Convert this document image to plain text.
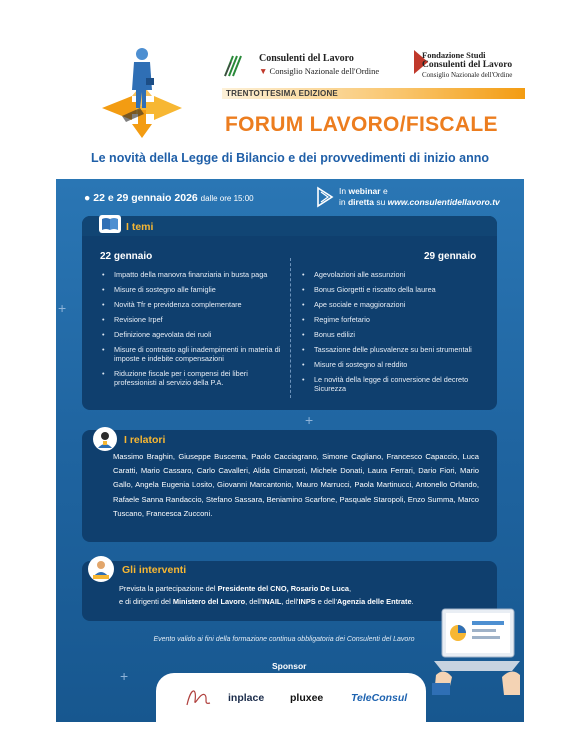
Consulenti del Lavoro
▼ Consiglio Nazionale dell'Ordine
Fondazione Studi
Consulenti del Lavoro
Consiglio Nazionale dell'Ordine
TRENTOTTESIMA EDIZIONE
FORUM LAVORO/FISCALE
Le novità della Legge di Bilancio e dei provvedimenti di inizio anno
+
+
+
● 22 e 29 gennaio 2026 dalle ore 15:00
In webinar e
in diretta su www.consulentidellavoro.tv
I temi
22 gennaio	29 gennaio
• Impatto della manovra finanziaria in busta paga
• Misure di sostegno alle famiglie
• Novità Tfr e previdenza complementare
• Revisione Irpef
• Definizione agevolata dei ruoli
• Misure di contrasto agli inadempimenti in materia di imposte e indebite compensazioni
• Riduzione fiscale per i compensi dei liberi professionisti al servizio della P.A.
• Agevolazioni alle assunzioni
• Bonus Giorgetti e riscatto della laurea
• Ape sociale e maggiorazioni
• Regime forfetario
• Bonus edilizi
• Tassazione delle plusvalenze su beni strumentali
• Misure di sostegno al reddito
• Le novità della legge di conversione del decreto Sicurezza
I relatori
Massimo Braghin, Giuseppe Buscema, Paolo Cacciagrano, Simone Cagliano, Francesco Capaccio, Luca Caratti, Mario Cassaro, Carlo Cavalleri, Alida Cimarosti, Michele Donati, Laura Ferrari, Dario Fiori, Mario Gallo, Angela Eugenia Losito, Giovanni Marcantonio, Mauro Marrucci, Paola Martinucci, Antonello Orlando, Rafaele Sanna Randaccio, Stefano Sassara, Beniamino Scarfone, Pasquale Staropoli, Enzo Summa, Marco Tuscano, Francesca Zucconi.
Gli interventi
Prevista la partecipazione del Presidente del CNO, Rosario De Luca,
e di dirigenti del Ministero del Lavoro, dell'INAIL, dell'INPS e dell'Agenzia delle Entrate.
Evento valido ai fini della formazione continua obbligatoria dei Consulenti del Lavoro
Sponsor
inplace pluxee	TeleConsul
